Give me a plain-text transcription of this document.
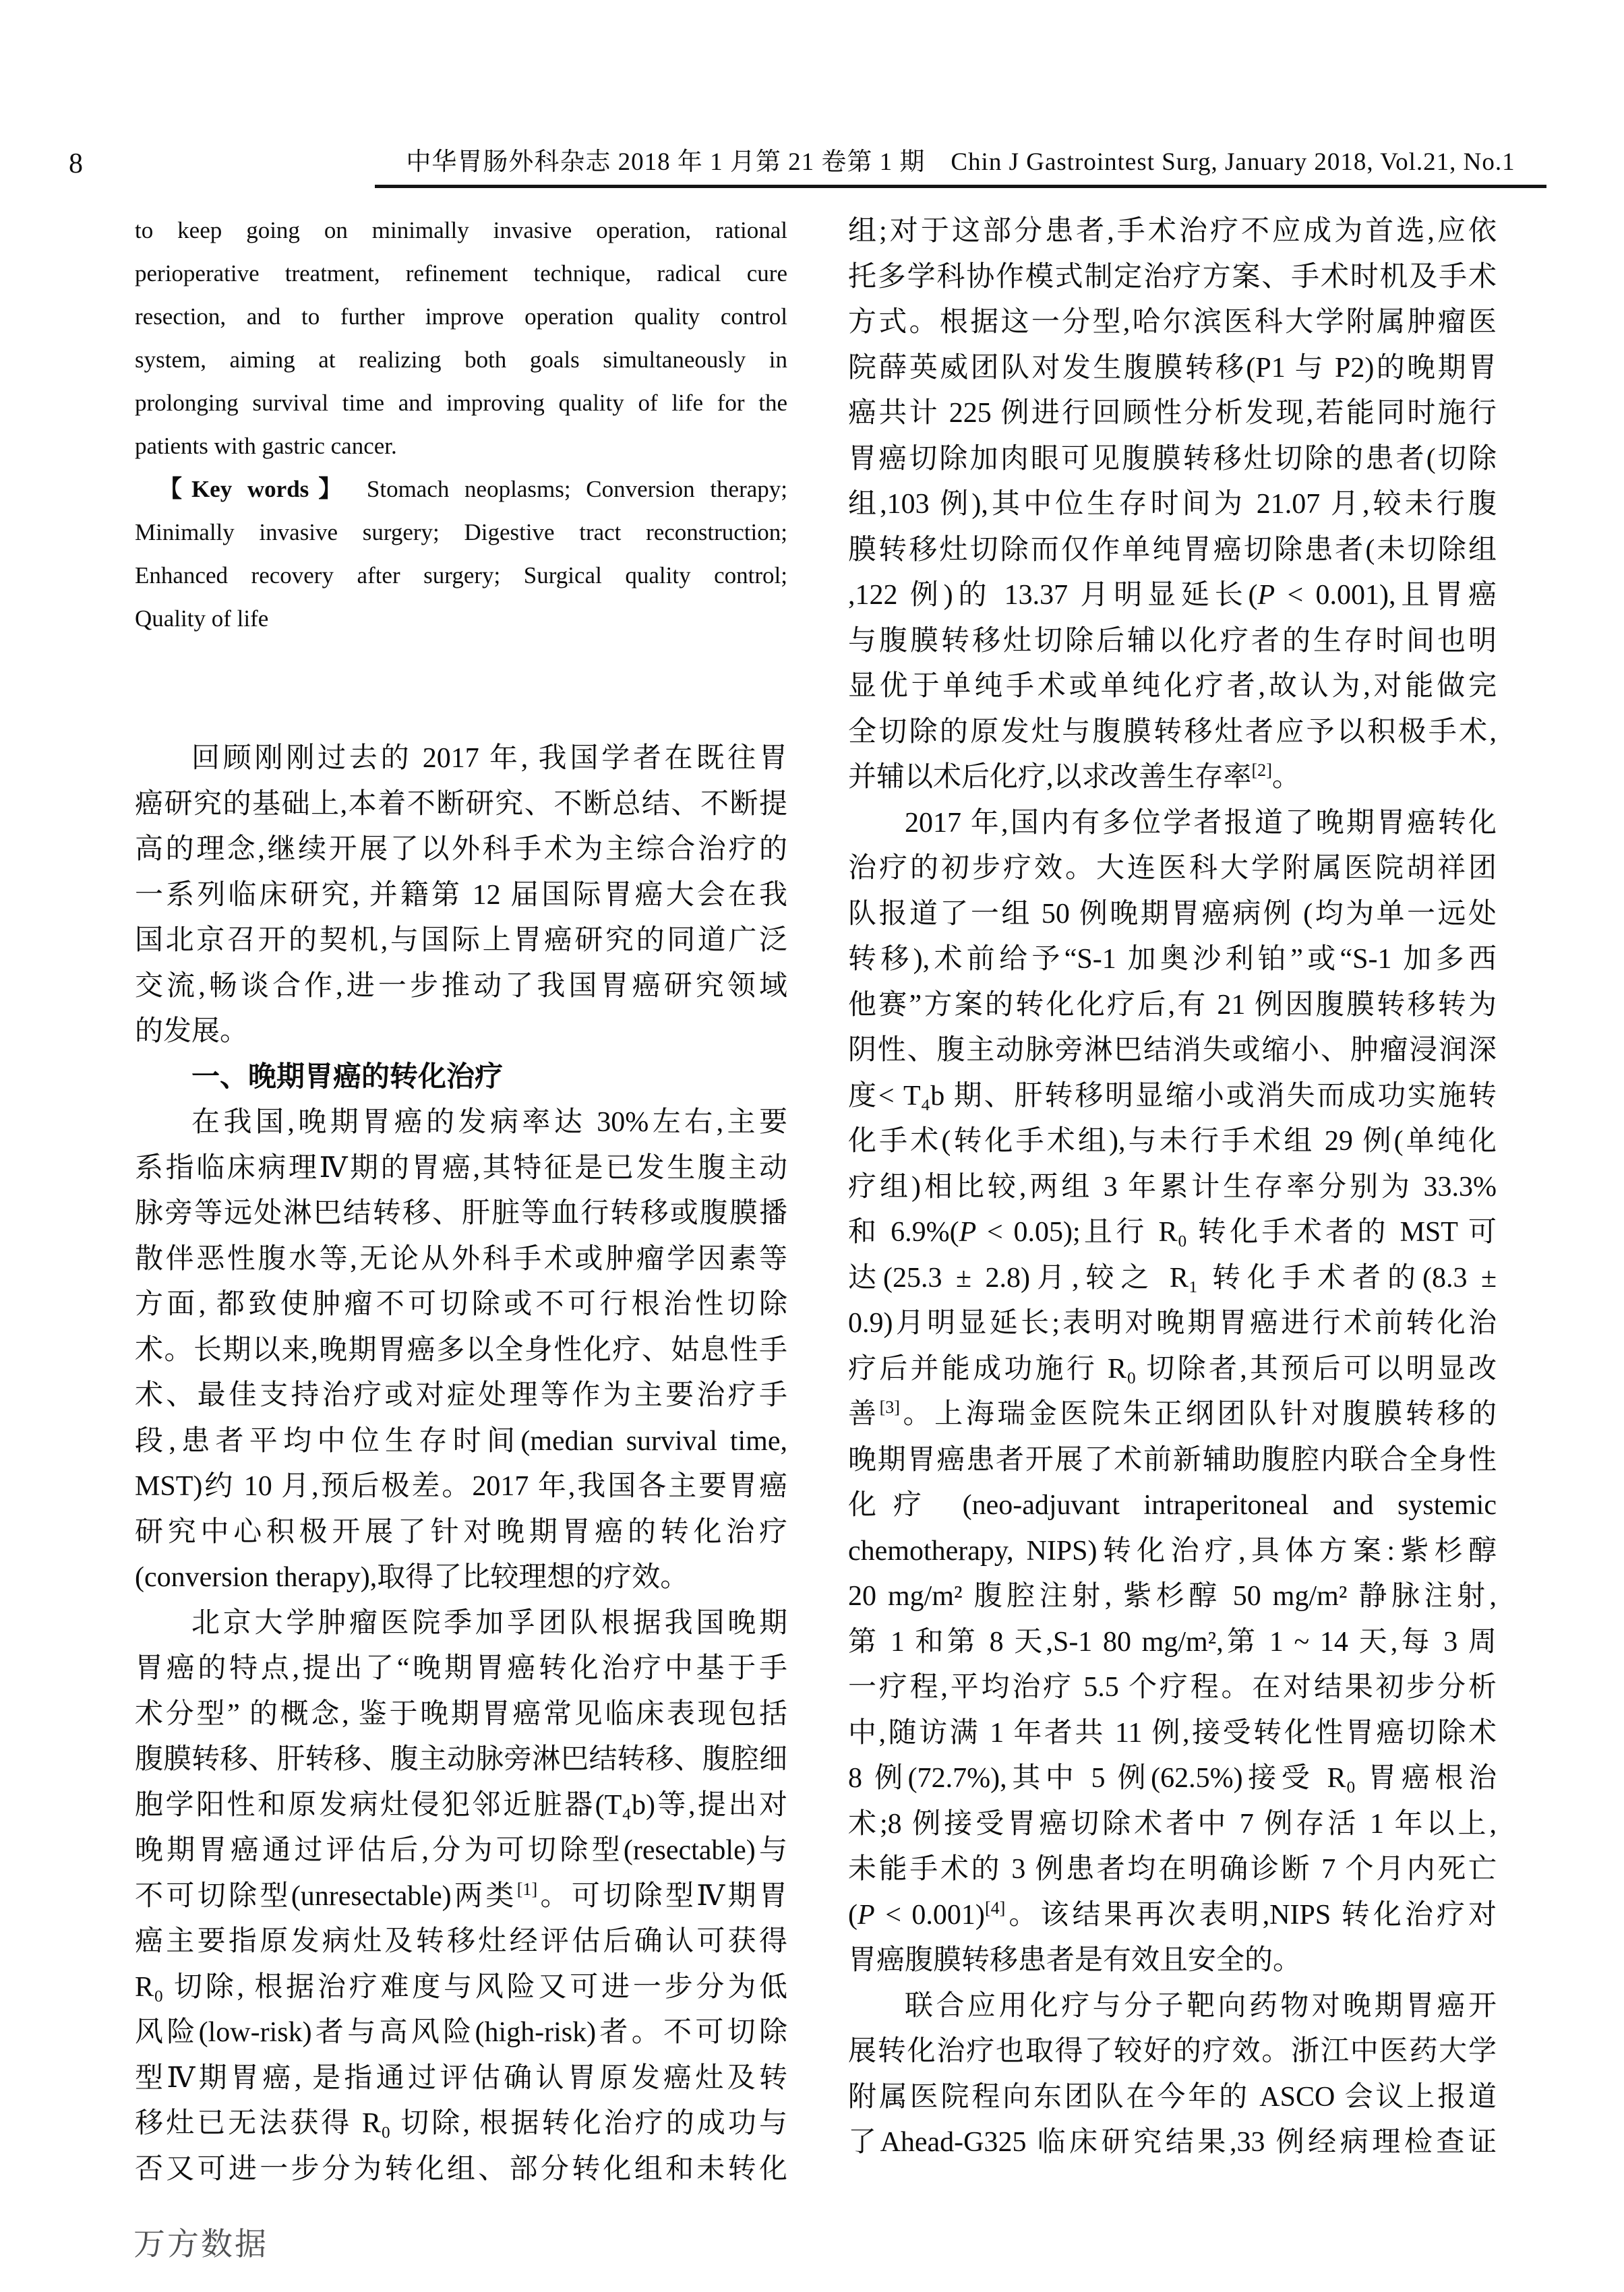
8	中华胃肠外科杂志 2018 年 1 月第 21 卷第 1 期　Chin J Gastrointest Surg, January 2018, Vol.21, No.1
to keep going on minimally invasive operation, rational
perioperative treatment, refinement technique, radical cure
resection, and to further improve operation quality control
system, aiming at realizing both goals simultaneously in
prolonging survival time and improving quality of life for the
patients with gastric cancer.
【Key words】 Stomach neoplasms; Conversion therapy;
Minimally invasive surgery; Digestive tract reconstruction;
Enhanced recovery after surgery; Surgical quality control;
Quality of life
回顾刚刚过去的 2017 年, 我国学者在既往胃
癌研究的基础上,本着不断研究、不断总结、不断提
高的理念,继续开展了以外科手术为主综合治疗的
一系列临床研究, 并籍第 12 届国际胃癌大会在我
国北京召开的契机,与国际上胃癌研究的同道广泛
交流,畅谈合作,进一步推动了我国胃癌研究领域
的发展。
一、晚期胃癌的转化治疗
在我国,晚期胃癌的发病率达 30%左右,主要
系指临床病理Ⅳ期的胃癌,其特征是已发生腹主动
脉旁等远处淋巴结转移、肝脏等血行转移或腹膜播
散伴恶性腹水等,无论从外科手术或肿瘤学因素等
方面, 都致使肿瘤不可切除或不可行根治性切除
术。长期以来,晚期胃癌多以全身性化疗、姑息性手
术、最佳支持治疗或对症处理等作为主要治疗手
段,患者平均中位生存时间(median survival time,
MST)约 10 月,预后极差。2017 年,我国各主要胃癌
研究中心积极开展了针对晚期胃癌的转化治疗
(conversion therapy),取得了比较理想的疗效。
北京大学肿瘤医院季加孚团队根据我国晚期
胃癌的特点,提出了“晚期胃癌转化治疗中基于手
术分型” 的概念, 鉴于晚期胃癌常见临床表现包括
腹膜转移、肝转移、腹主动脉旁淋巴结转移、腹腔细
胞学阳性和原发病灶侵犯邻近脏器(T₄b)等,提出对
晚期胃癌通过评估后,分为可切除型(resectable)与
不可切除型(unresectable)两类[1]。可切除型Ⅳ期胃
癌主要指原发病灶及转移灶经评估后确认可获得
R₀ 切除, 根据治疗难度与风险又可进一步分为低
风险(low-risk)者与高风险(high-risk)者。不可切除
型Ⅳ期胃癌, 是指通过评估确认胃原发癌灶及转
移灶已无法获得 R₀ 切除, 根据转化治疗的成功与
否又可进一步分为转化组、部分转化组和未转化
组;对于这部分患者,手术治疗不应成为首选,应依
托多学科协作模式制定治疗方案、手术时机及手术
方式。根据这一分型,哈尔滨医科大学附属肿瘤医
院薛英威团队对发生腹膜转移(P1 与 P2)的晚期胃
癌共计 225 例进行回顾性分析发现,若能同时施行
胃癌切除加肉眼可见腹膜转移灶切除的患者(切除
组,103 例),其中位生存时间为 21.07 月,较未行腹
膜转移灶切除而仅作单纯胃癌切除患者(未切除组
,122 例)的 13.37 月明显延长(P < 0.001),且胃癌
与腹膜转移灶切除后辅以化疗者的生存时间也明
显优于单纯手术或单纯化疗者,故认为,对能做完
全切除的原发灶与腹膜转移灶者应予以积极手术,
并辅以术后化疗,以求改善生存率[2]。
2017 年,国内有多位学者报道了晚期胃癌转化
治疗的初步疗效。大连医科大学附属医院胡祥团
队报道了一组 50 例晚期胃癌病例 (均为单一远处
转移),术前给予“S-1 加奥沙利铂”或“S-1 加多西
他赛”方案的转化化疗后,有 21 例因腹膜转移转为
阴性、腹主动脉旁淋巴结消失或缩小、肿瘤浸润深
度< T₄b 期、肝转移明显缩小或消失而成功实施转
化手术(转化手术组),与未行手术组 29 例(单纯化
疗组)相比较,两组 3 年累计生存率分别为 33.3%
和 6.9%(P < 0.05);且行 R₀ 转化手术者的 MST 可
达(25.3 ± 2.8)月,较之 R₁ 转化手术者的(8.3 ±
0.9)月明显延长;表明对晚期胃癌进行术前转化治
疗后并能成功施行 R₀ 切除者,其预后可以明显改
善[3]。上海瑞金医院朱正纲团队针对腹膜转移的
晚期胃癌患者开展了术前新辅助腹腔内联合全身性
化疗 (neo-adjuvant intraperitoneal and systemic
chemotherapy, NIPS)转化治疗,具体方案:紫杉醇
20 mg/m² 腹腔注射, 紫杉醇 50 mg/m² 静脉注射,
第 1 和第 8 天,S-1 80 mg/m²,第 1 ~ 14 天,每 3 周
一疗程,平均治疗 5.5 个疗程。在对结果初步分析
中,随访满 1 年者共 11 例,接受转化性胃癌切除术
8 例(72.7%),其中 5 例(62.5%)接受 R₀ 胃癌根治
术;8 例接受胃癌切除术者中 7 例存活 1 年以上,
未能手术的 3 例患者均在明确诊断 7 个月内死亡
(P < 0.001)[4]。该结果再次表明,NIPS 转化治疗对
胃癌腹膜转移患者是有效且安全的。
联合应用化疗与分子靶向药物对晚期胃癌开
展转化治疗也取得了较好的疗效。浙江中医药大学
附属医院程向东团队在今年的 ASCO 会议上报道
了Ahead-G325 临床研究结果,33 例经病理检查证
万方数据
